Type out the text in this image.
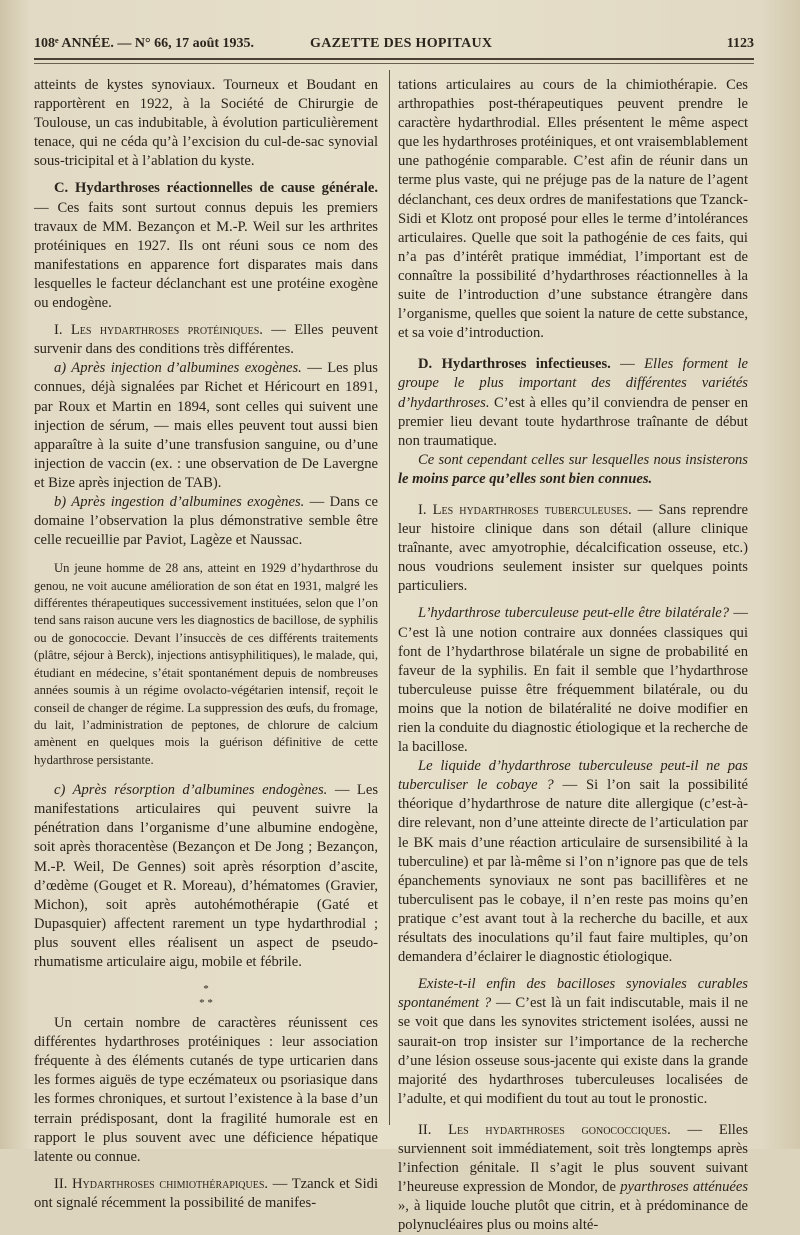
108ᵉ ANNÉE. — N° 66, 17 août 1935.	GAZETTE DES HOPITAUX	1123

atteints de kystes synoviaux. Tourneux et Boudant en rapportèrent en 1922, à la Société de Chirurgie de Toulouse, un cas indubitable, à évolution particulièrement tenace, qui ne céda qu’à l’excision du cul-de-sac synovial sous-tricipital et à l’ablation du kyste.

C. Hydarthroses réactionnelles de cause générale. — Ces faits sont surtout connus depuis les premiers travaux de MM. Bezançon et M.-P. Weil sur les arthrites protéiniques en 1927. Ils ont réuni sous ce nom des manifestations en apparence fort disparates mais dans lesquelles le facteur déclanchant est une protéine exogène ou endogène.

I. Les hydarthroses protéiniques. — Elles peuvent survenir dans des conditions très différentes.

a) Après injection d’albumines exogènes. — Les plus connues, déjà signalées par Richet et Héricourt en 1891, par Roux et Martin en 1894, sont celles qui suivent une injection de sérum, — mais elles peuvent tout aussi bien apparaître à la suite d’une transfusion sanguine, ou d’une injection de vaccin (ex. : une observation de De Lavergne et Bize après injection de TAB).

b) Après ingestion d’albumines exogènes. — Dans ce domaine l’observation la plus démonstrative semble être celle recueillie par Paviot, Lagèze et Naussac.

Un jeune homme de 28 ans, atteint en 1929 d’hydarthrose du genou, ne voit aucune amélioration de son état en 1931, malgré les différentes thérapeutiques successivement instituées, selon que l’on tend sans raison aucune vers les diagnostics de bacillose, de syphilis ou de gonococcie. Devant l’insuccès de ces différents traitements (plâtre, séjour à Berck), injections antisyphilitiques), le malade, qui, étudiant en médecine, s’était spontanément depuis de nombreuses années soumis à un régime ovolacto-végétarien intensif, reçoit le conseil de changer de régime. La suppression des œufs, du fromage, du lait, l’administration de peptones, de chlorure de calcium amènent en quelques mois la guérison définitive de cette hydarthrose persistante.

c) Après résorption d’albumines endogènes. — Les manifestations articulaires qui peuvent suivre la pénétration dans l’organisme d’une albumine endogène, soit après thoracentèse (Bezançon et De Jong ; Bezançon, M.-P. Weil, De Gennes) soit après résorption d’ascite, d’œdème (Gouget et R. Moreau), d’hématomes (Gravier, Michon), soit après autohémothérapie (Gaté et Dupasquier) affectent rarement un type hydarthrodial ; plus souvent elles réalisent un aspect de pseudo-rhumatisme articulaire aigu, mobile et fébrile.

*
* *

Un certain nombre de caractères réunissent ces différentes hydarthroses protéiniques : leur association fréquente à des éléments cutanés de type urticarien dans les formes aiguës de type eczémateux ou psoriasique dans les formes chroniques, et surtout l’existence à la base d’un terrain prédisposant, dont la fragilité humorale est en rapport le plus souvent avec une déficience hépatique latente ou connue.

II. Hydarthroses chimiothérapiques. — Tzanck et Sidi ont signalé récemment la possibilité de manifes-

tations articulaires au cours de la chimiothérapie. Ces arthropathies post-thérapeutiques peuvent prendre le caractère hydarthrodial. Elles présentent le même aspect que les hydarthroses protéiniques, et ont vraisemblablement une pathogénie comparable. C’est afin de réunir dans un terme plus vaste, qui ne préjuge pas de la nature de l’agent déclanchant, ces deux ordres de manifestations que Tzanck-Sidi et Klotz ont proposé pour elles le terme d’intolérances articulaires. Quelle que soit la pathogénie de ces faits, qui n’a pas d’intérêt pratique immédiat, l’important est de connaître la possibilité d’hydarthroses réactionnelles à la suite de l’introduction d’une substance étrangère dans l’organisme, quelles que soient la nature de cette substance, et sa voie d’introduction.

D. Hydarthroses infectieuses. — Elles forment le groupe le plus important des différentes variétés d’hydarthroses. C’est à elles qu’il conviendra de penser en premier lieu devant toute hydarthrose traînante de début non traumatique.

Ce sont cependant celles sur lesquelles nous insisterons le moins parce qu’elles sont bien connues.

I. Les hydarthroses tuberculeuses. — Sans reprendre leur histoire clinique dans son détail (allure clinique traînante, avec amyotrophie, décalcification osseuse, etc.) nous voudrions seulement insister sur quelques points particuliers.

L’hydarthrose tuberculeuse peut-elle être bilatérale? — C’est là une notion contraire aux données classiques qui font de l’hydarthrose bilatérale un signe de probabilité en faveur de la syphilis. En fait il semble que l’hydarthrose tuberculeuse puisse être fréquemment bilatérale, ou du moins que la notion de bilatéralité ne doive modifier en rien la conduite du diagnostic étiologique et la recherche de la bacillose.

Le liquide d’hydarthrose tuberculeuse peut-il ne pas tuberculiser le cobaye ? — Si l’on sait la possibilité théorique d’hydarthrose de nature dite allergique (c’est-à-dire relevant, non d’une atteinte directe de l’articulation par le BK mais d’une réaction articulaire de sursensibilité à la tuberculine) et par là-même si l’on n’ignore pas que de tels épanchements synoviaux ne sont pas bacillifères et ne tuberculisent pas le cobaye, il n’en reste pas moins qu’en pratique c’est avant tout à la recherche du bacille, et aux résultats des inoculations qu’il faut faire multiples, qu’on demandera d’éclairer le diagnostic étiologique.

Existe-t-il enfin des bacilloses synoviales curables spontanément ? — C’est là un fait indiscutable, mais il ne se voit que dans les synovites strictement isolées, aussi ne saurait-on trop insister sur l’importance de la recherche d’une lésion osseuse sous-jacente qui existe dans la grande majorité des hydarthroses tuberculeuses localisées de l’adulte, et qui modifient du tout au tout le pronostic.

II. Les hydarthroses gonococciques. — Elles surviennent soit immédiatement, soit très longtemps après l’infection génitale. Il s’agit le plus souvent suivant l’heureuse expression de Mondor, de pyarthroses atténuées », à liquide louche plutôt que citrin, et à prédominance de polynucléaires plus ou moins alté-
